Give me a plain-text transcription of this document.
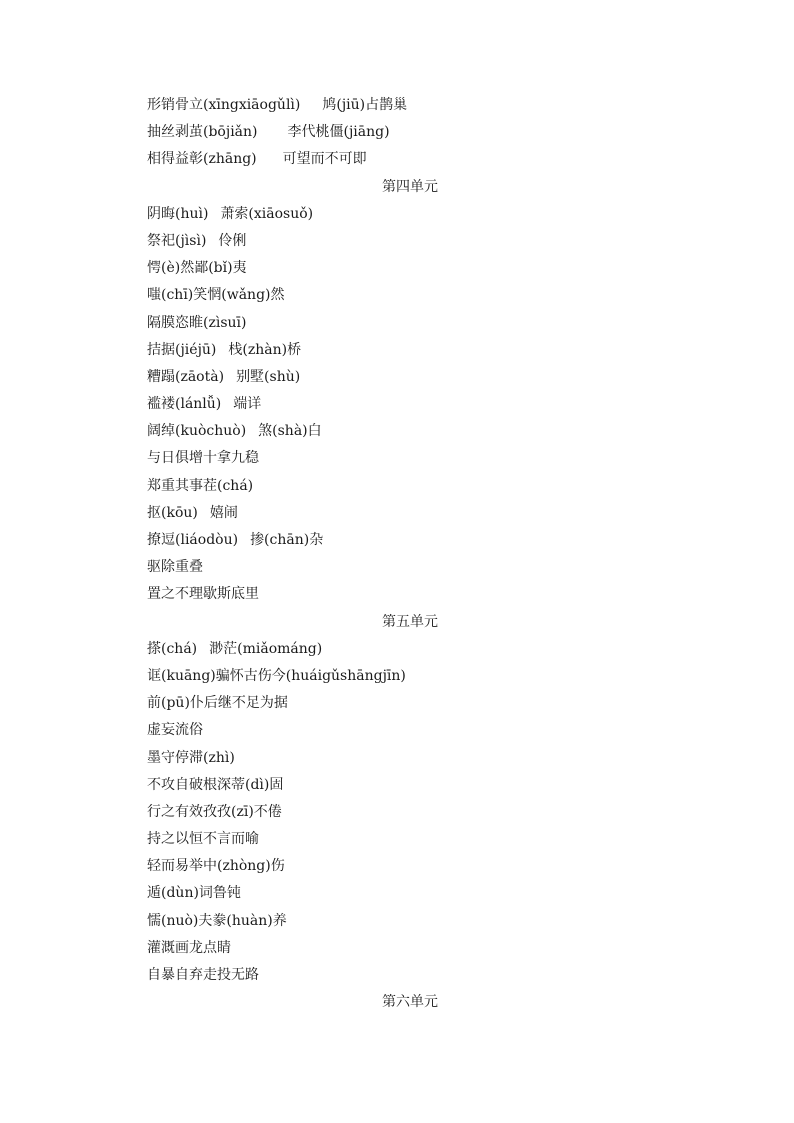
形销骨立(xīngxiāogǔlì) 鸠(jiū)占鹊巢
抽丝剥茧(bōjiǎn) 李代桃僵(jiāng)
相得益彰(zhāng) 可望而不可即
第四单元
阴晦(huì) 萧索(xiāosuǒ)
祭祀(jìsì) 伶俐
愕(è)然鄙(bǐ)夷
嗤(chī)笑惘(wǎng)然
隔膜恣睢(zìsuī)
拮据(jiéjū) 栈(zhàn)桥
糟蹋(zāotà) 别墅(shù)
褴褛(lánlǚ) 端详
阔绰(kuòchuò) 煞(shà)白
与日俱增十拿九稳
郑重其事茬(chá)
抠(kōu) 嬉闹
撩逗(liáodòu) 掺(chān)杂
驱除重叠
置之不理歇斯底里
第五单元
搽(chá) 渺茫(miǎománg)
诓(kuāng)骗怀古伤今(huáigǔshāngjīn)
前(pū)仆后继不足为据
虚妄流俗
墨守停滞(zhì)
不攻自破根深蒂(dì)固
行之有效孜孜(zī)不倦
持之以恒不言而喻
轻而易举中(zhòng)伤
遁(dùn)词鲁钝
懦(nuò)夫豢(huàn)养
灌溉画龙点睛
自暴自弃走投无路
第六单元
